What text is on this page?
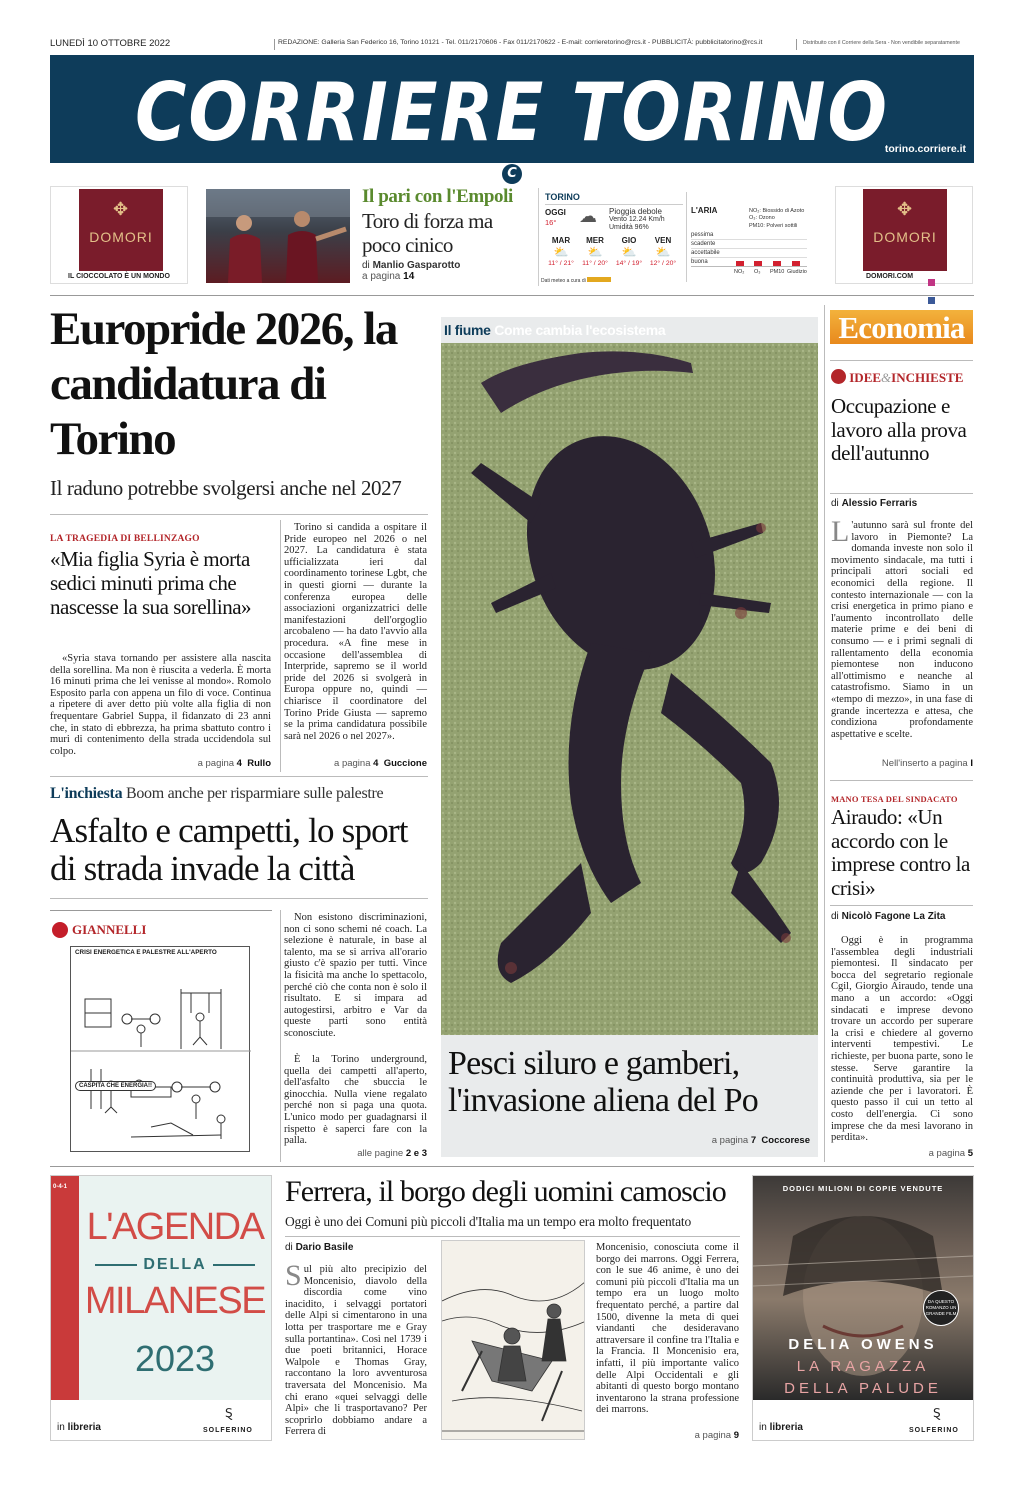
LUNEDÌ 10 OTTOBRE 2022	REDAZIONE: Galleria San Federico 16, Torino 10121 - Tel. 011/2170606 - Fax 011/2170622 - E-mail: corrieretorino@rcs.it - PUBBLICITÀ: pubblicitatorino@rcs.it	Distribuito con il Corriere della Sera - Non vendibile separatamente
CORRIERE TORINO
torino.corriere.it
C
✥
DOMORI
IL CIOCCOLATO È UN MONDO
Il pari con l'Empoli
Toro di forza ma poco cinico
di Manlio Gasparotto
a pagina 14
TORINO
OGGI
16° ☁ Pioggia debole
Vento 12.24 Km/h
Umidità 96%
MAR
⛅
11° / 21°
MER
⛅
11° / 20°
GIO
⛅
14° / 19°
VEN
⛅
12° / 20°
Dati meteo a cura di
L'ARIA	NO₂: Biossido di Azoto
O₃: Ozono
PM10: Polveri sottili
pessima
scadente
accettabile
buona
NO₂ O₃ PM10 Giudizio
✥
DOMORI
DOMORI.COM

Europride 2026, la candidatura di Torino
Il raduno potrebbe svolgersi anche nel 2027
LA TRAGEDIA DI BELLINZAGO
«Mia figlia Syria è morta sedici minuti prima che nascesse la sua sorellina»
«Syria stava tornando per assistere alla nascita della sorellina. Ma non è riuscita a vederla. È morta 16 minuti prima che lei venisse al mondo». Romolo Esposito parla con appena un filo di voce. Continua a ripetere di aver detto più volte alla figlia di non frequentare Gabriel Suppa, il fidanzato di 23 anni che, in stato di ebbrezza, ha prima sbattuto contro i muri di contenimento della strada uccidendola sul colpo.
a pagina 4 Rullo
Torino si candida a ospitare il Pride europeo nel 2026 o nel 2027. La candidatura è stata ufficializzata ieri dal coordinamento torinese Lgbt, che in questi giorni — durante la conferenza europea delle associazioni organizzatrici delle manifestazioni dell'orgoglio arcobaleno — ha dato l'avvio alla procedura. «A fine mese in occasione dell'assemblea di Interpride, sapremo se il world pride del 2026 si svolgerà in Europa oppure no, quindi — chiarisce il coordinatore del Torino Pride Giusta — sapremo se la prima candidatura possibile sarà nel 2026 o nel 2027».
a pagina 4 Guccione
L'inchiesta Boom anche per risparmiare sulle palestre
Asfalto e campetti, lo sport di strada invade la città
GIANNELLI
CRISI ENERGETICA E PALESTRE ALL'APERTO
CASPITA CHE ENERGIA!!
Non esistono discriminazioni, non ci sono schemi né coach. La selezione è naturale, in base al talento, ma se si arriva all'orario giusto c'è spazio per tutti. Vince la fisicità ma anche lo spettacolo, perché ciò che conta non è solo il risultato. E si impara ad autogestirsi, arbitro e Var da queste parti sono entità sconosciute.
È la Torino underground, quella dei campetti all'aperto, dell'asfalto che sbuccia le ginocchia. Nulla viene regalato perché non si paga una quota. L'unico modo per guadagnarsi il rispetto è saperci fare con la palla.
alle pagine 2 e 3
Il fiume Come cambia l'ecosistema
Pesci siluro e gamberi, l'invasione aliena del Po
a pagina 7 Coccorese
Economia
IDEE&INCHIESTE
Occupazione e lavoro alla prova dell'autunno
di Alessio Ferraris
L 'autunno sarà sul fronte del lavoro in Piemonte? La domanda investe non solo il movimento sindacale, ma tutti i principali attori sociali ed economici della regione. Il contesto internazionale — con la crisi energetica in primo piano e l'aumento incontrollato delle materie prime e dei beni di consumo — e i primi segnali di rallentamento della economia piemontese non inducono all'ottimismo e neanche al catastrofismo. Siamo in un «tempo di mezzo», in una fase di grande incertezza e attesa, che condiziona profondamente aspettative e scelte.
Nell'inserto a pagina I
MANO TESA DEL SINDACATO
Airaudo: «Un accordo con le imprese contro la crisi»
di Nicolò Fagone La Zita
Oggi è in programma l'assemblea degli industriali piemontesi. Il sindacato per bocca del segretario regionale Cgil, Giorgio Airaudo, tende una mano a un accordo: «Oggi sindacati e imprese devono trovare un accordo per superare la crisi e chiedere al governo interventi tempestivi. Le richieste, per buona parte, sono le stesse. Serve garantire la continuità produttiva, sia per le aziende che per i lavoratori. È questo passo il cui un tetto al costo dell'energia. Ci sono imprese che da mesi lavorano in perdita».
a pagina 5
0-4-1
L'AGENDA
DELLA
MILANESE
2023
in libreria
Ȿ
SOLFERINO
Ferrera, il borgo degli uomini camoscio
Oggi è uno dei Comuni più piccoli d'Italia ma un tempo era molto frequentato
di Dario Basile
S ul più alto precipizio del Moncenisio, diavolo della discordia come vino inacidito, i selvaggi portatori delle Alpi si cimentarono in una lotta per trasportare me e Gray sulla portantina». Così nel 1739 i due poeti britannici, Horace Walpole e Thomas Gray, raccontano la loro avventurosa traversata del Moncenisio. Ma chi erano «quei selvaggi delle Alpi» che li trasportavano? Per scoprirlo dobbiamo andare a Ferrera di
Moncenisio, conosciuta come il borgo dei marrons. Oggi Ferrera, con le sue 46 anime, è uno dei comuni più piccoli d'Italia ma un tempo era un luogo molto frequentato perché, a partire dal 1500, divenne la meta di quei viandanti che desideravano attraversare il confine tra l'Italia e la Francia. Il Moncenisio era, infatti, il più importante valico delle Alpi Occidentali e gli abitanti di questo borgo montano inventarono la strana professione dei marrons.
a pagina 9
DODICI MILIONI DI COPIE VENDUTE
DA QUESTO ROMANZO UN GRANDE FILM
DELIA OWENS
LA RAGAZZA
DELLA PALUDE
in libreria
Ȿ
SOLFERINO
